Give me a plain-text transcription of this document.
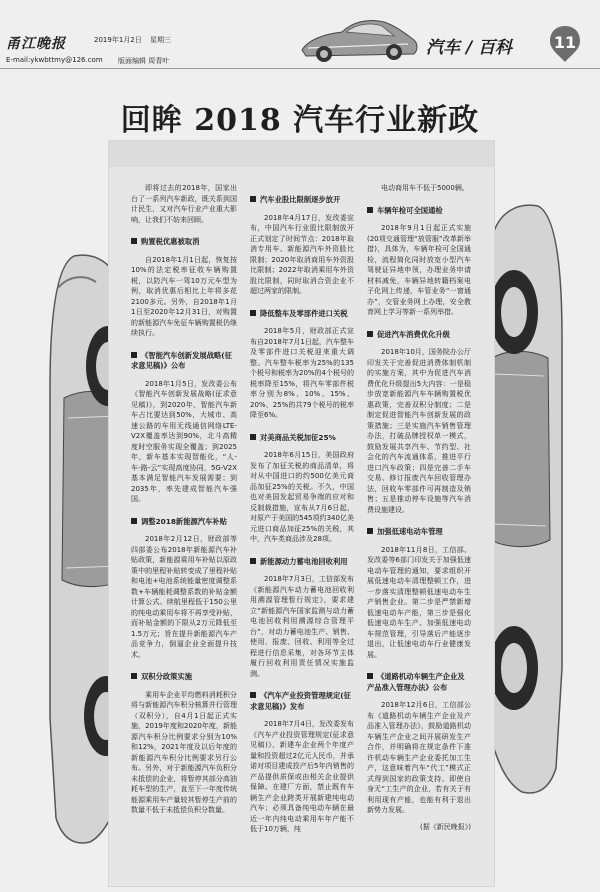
甬江晚报
E-mail:ykwbttmy@126.com
2019年1月2日 星期三
版面编辑 周青叶
汽车 / 百科	11
回眸 2018 汽车行业新政

即将过去的2018年，国家出台了一系列汽车新政，既关系到国计民生，又对汽车行业产业重大影响，让我们不妨来回顾。

购置税优惠被取消

自2018年1月1日起，恢复按10%的法定税率征收车辆购置税，以防汽车一驾10万元车型为例，取消优惠后相比上年将多花2100多元。另外，自2018年1月1日至2020年12月31日，对购置的新能源汽车免征车辆购置税仍继续执行。

《智能汽车创新发展战略(征求意见稿)》公布

2018年1月5日，发改委公布《智能汽车创新发展战略(征求意见稿)》，到2020年，智能汽车新车占比要达到50%，大城市、高速公路的车用无线通信网络LTE-V2X覆盖率达到90%，北斗高精度时空服务实现全覆盖；到2025年，新车基本实现智能化，“人-车-路-云”实现高度协同，5G-V2X基本满足智能汽车发展需要；到2035年，率先建成智能汽车强国。

调整2018新能源汽车补贴

2018年2月12日，财政部等四部委公布2018年新能源汽车补贴政策，新能源乘用车补贴以原政策中的里程补贴转变成了里程补贴和电池+电池系统能量密度调整系数+车辆能耗调整系数的补贴金额计算公式。续航里程低于150公里的纯电动乘用车将不再享受补贴，而补贴金额的下限从2万元降低至1.5万元；旨在提升新能源汽车产品竞争力，倒逼企业全面提升技术。

双积分政策实施

乘用车企业平均燃料消耗积分将与新能源汽车积分核算并行管理（双积分），自4月1日起正式实施，2019年度和2020年度，新能源汽车积分比例要求分别为10%和12%，2021年度及以后年度的新能源汽车积分比例要求另行公布。另外，对于新能源汽车负积分未抵偿的企业，将暂停其部分高油耗车型的生产，直至下一年度传统能源乘用车产量较其暂停生产前的数量不低于未抵偿负积分数量。

汽车业股比限制逐步放开

2018年4月17日，发改委宣布，中国汽车行业股比限制放开正式划定了时间节点：2018年取消专用车、新能源汽车外资股比限制；2020年取消商用车外资股比限制；2022年取消乘用车外资股比限制，同时取消合资企业不超过两家的限制。

降低整车及零部件进口关税

2018年5月，财政部正式宣布自2018年7月1日起，汽车整车及零部件进口关税迎来重大调整。汽车整车税率为25%的135个税号和税率为20%的4个税号的税率降至15%，将汽车零部件税率分别为8%、10%、15%、20%、25%的共79个税号的税率降至6%。

对美商品关税加征25%

2018年6月15日，美国政府发布了加征关税的商品清单，将对从中国进口的约500亿美元商品加征25%的关税。不久，中国也对美国发起贸易争端的应对和反制裁措施，宣布从7月6日起，对原产于美国的545项约340亿美元进口商品加征25%的关税，其中，汽车类商品涉及28项。

新能源动力蓄电池回收利用

2018年7月3日，工信部发布《新能源汽车动力蓄电池回收利用溯源管理暂行规定》，要求建立“新能源汽车国家监测与动力蓄电池回收利用溯源综合管理平台”，对动力蓄电池生产、销售、使用、报废、回收、利用等全过程进行信息采集，对各环节主体履行回收利用责任情况实施监测。

《汽车产业投资管理规定(征求意见稿)》发布

2018年7月4日，发改委发布《汽车产业投资管理规定(征求意见稿)》，新建车企业两个年度产量和投资超过2亿元人民币，并承诺对项目建成投产后5年内销售的产品提供质保或由相关企业提供保障。在建厂方面，禁止既有车辆生产企业跨类开展新建纯电动汽车；必须具备纯电动车辆在最近一年内纯电动乘用车年产能不低于10万辆，纯

电动商用车不低于5000辆。

车辆年检可全国通检

2018年9月1日起正式实施(20项交通管理“放管服”改革新举措)，具体为，车辆年检可全国通检，流程简化同时放宽小型汽车驾驶证异地申领，办理业务申请材料减免，车辆异地转籍档案电子化网上传递，车管业务“一窗通办”，交管业务网上办理，安全教育网上学习等新一系列举措。

促进汽车消费优化升级

2018年10月，国务院办公厅印发关于完善促进消费体制机制的实施方案，其中为促进汽车消费优化升级提出5大内容：一是稳步放宽新能源汽车车辆购置税优惠政策，完善双积分制度；二是制定促进智能汽车创新发展的政策措施；三是实施汽车销售管理办法，打破品牌授权单一模式，鼓励发展共享汽车、节约型、社会化的汽车流通体系，推进平行进口汽车政策；四是完善二手车交易、修订报废汽车回收管理办法，回收车零部件可再制造及销售；五是推动停车设施等汽车消费设施建设。

加强低速电动车管理

2018年11月8日，工信部、发改委等6部门印发关于加强低速电动车管理的通知，要求组织开展低速电动车清理整顿工作，进一步落实清理整顿低速电动车生产销售企业。第二步是严禁新增低速电动车产能，第三步是强化低速电动车生产、加强低速电动车规范管理，引导落后产能逐步退出，让低速电动车行业健康发展。

《道路机动车辆生产企业及产品准入管理办法》公布

2018年12月6日，工信部公布《道路机动车辆生产企业及产品准入管理办法》，鼓励道路机动车辆生产企业之间开展研发生产合作，并明确将在规定条件下准许机动车辆生产企业委托加工生产，这意味着汽车“代工”模式正式得到国家的政策支持。即使自身无“工生产的企业，若有关于有利用现有产能，也能有利于退出新势力发展。

(据《新民晚报》)
